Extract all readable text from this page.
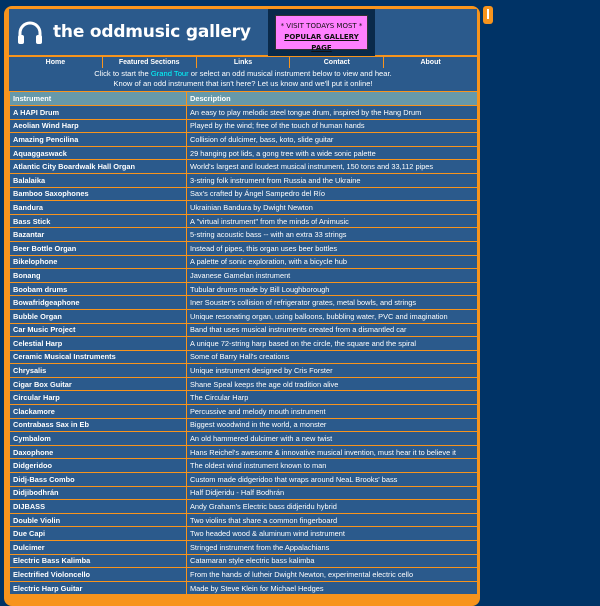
the oddmusic gallery	* VISIT TODAYS MOST *
POPULAR GALLERY PAGE
Home	Featured Sections	Links	Contact	About
Click to start the Grand Tour or select an odd musical instrument below to view and hear.
Know of an odd instrument that isn't here? Let us know and we'll put it online!
Instrument	Description
A HAPI Drum	An easy to play melodic steel tongue drum, inspired by the Hang Drum
Aeolian Wind Harp	Played by the wind; free of the touch of human hands
Amazing Pencilina	Collision of dulcimer, bass, koto, slide guitar
Aquaggaswack	29 hanging pot lids, a gong tree with a wide sonic palette
Atlantic City Boardwalk Hall Organ	World's largest and loudest musical instrument, 150 tons and 33,112 pipes
Balalaika	3-string folk instrument from Russia and the Ukraine
Bamboo Saxophones	Sax's crafted by Ángel Sampedro del Río
Bandura	Ukrainian Bandura by Dwight Newton
Bass Stick	A "virtual instrument" from the minds of Animusic
Bazantar	5-string acoustic bass -- with an extra 33 strings
Beer Bottle Organ	Instead of pipes, this organ uses beer bottles
Bikelophone	A palette of sonic exploration, with a bicycle hub
Bonang	Javanese Gamelan instrument
Boobam drums	Tubular drums made by Bill Loughborough
Bowafridgeaphone	Iner Souster's collision of refrigerator grates, metal bowls, and strings
Bubble Organ	Unique resonating organ, using balloons, bubbling water, PVC and imagination
Car Music Project	Band that uses musical instruments created from a dismantled car
Celestial Harp	A unique 72-string harp based on the circle, the square and the spiral
Ceramic Musical Instruments	Some of Barry Hall's creations
Chrysalis	Unique instrument designed by Cris Forster
Cigar Box Guitar	Shane Speal keeps the age old tradition alive
Circular Harp	The Circular Harp
Clackamore	Percussive and melody mouth instrument
Contrabass Sax in Eb	Biggest woodwind in the world, a monster
Cymbalom	An old hammered dulcimer with a new twist
Daxophone	Hans Reichel's awesome & innovative musical invention, must hear it to believe it
Didgeridoo	The oldest wind instrument known to man
Didj-Bass Combo	Custom made didgeridoo that wraps around NeaL Brooks' bass
Didjibodhrán	Half Didjeridu - Half Bodhrán
DIJBASS	Andy Graham's Electric bass didjeridu hybrid
Double Violin	Two violins that share a common fingerboard
Due Capi	Two headed wood & aluminum wind instrument
Dulcimer	Stringed instrument from the Appalachians
Electric Bass Kalimba	Catamaran style electric bass kalimba
Electrified Violoncello	From the hands of lutheir Dwight Newton, experimental electric cello
Electric Harp Guitar	Made by Steve Klein for Michael Hedges
